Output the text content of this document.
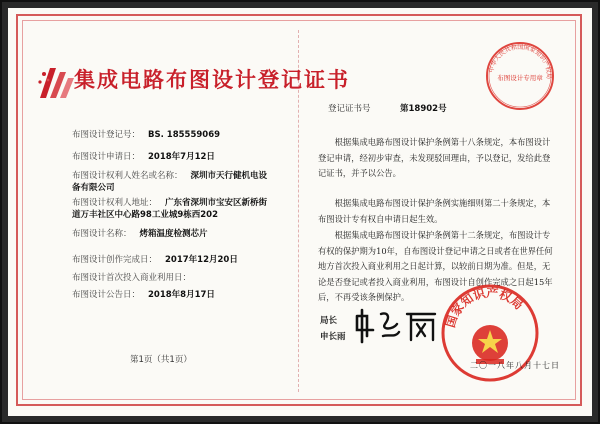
集成电路布图设计登记证书
布图设计登记号： BS. 185559069
布图设计申请日： 2018年7月12日
布图设计权利人姓名或名称： 深圳市天行健机电设
备有限公司
布图设计权利人地址： 广东省深圳市宝安区新桥街
道万丰社区中心路98工业城9栋西202
布图设计名称： 烤箱温度检测芯片
布图设计创作完成日： 2017年12月20日
布图设计首次投入商业利用日：
布图设计公告日： 2018年8月17日
第1页（共1页）
中华人民共和国国家知识产权局
布图设计专用章
登记证书号	第18902号

根据集成电路布图设计保护条例第十八条规定，本布图设计登记申请，经初步审查，未发现驳回理由，予以登记，发给此登记证书，并予以公告。

根据集成电路布图设计保护条例实施细则第二十条规定，本布图设计专有权自申请日起生效。

根据集成电路布图设计保护条例第十二条规定，布图设计专有权的保护期为10年，自布图设计登记申请之日或者在世界任何地方首次投入商业利用之日起计算，以较前日期为准。但是，无论是否登记或者投入商业利用，布图设计自创作完成之日起15年后，不再受该条例保护。

局长
申长雨
申长雨
国家知识产权局
二〇一八年八月十七日
